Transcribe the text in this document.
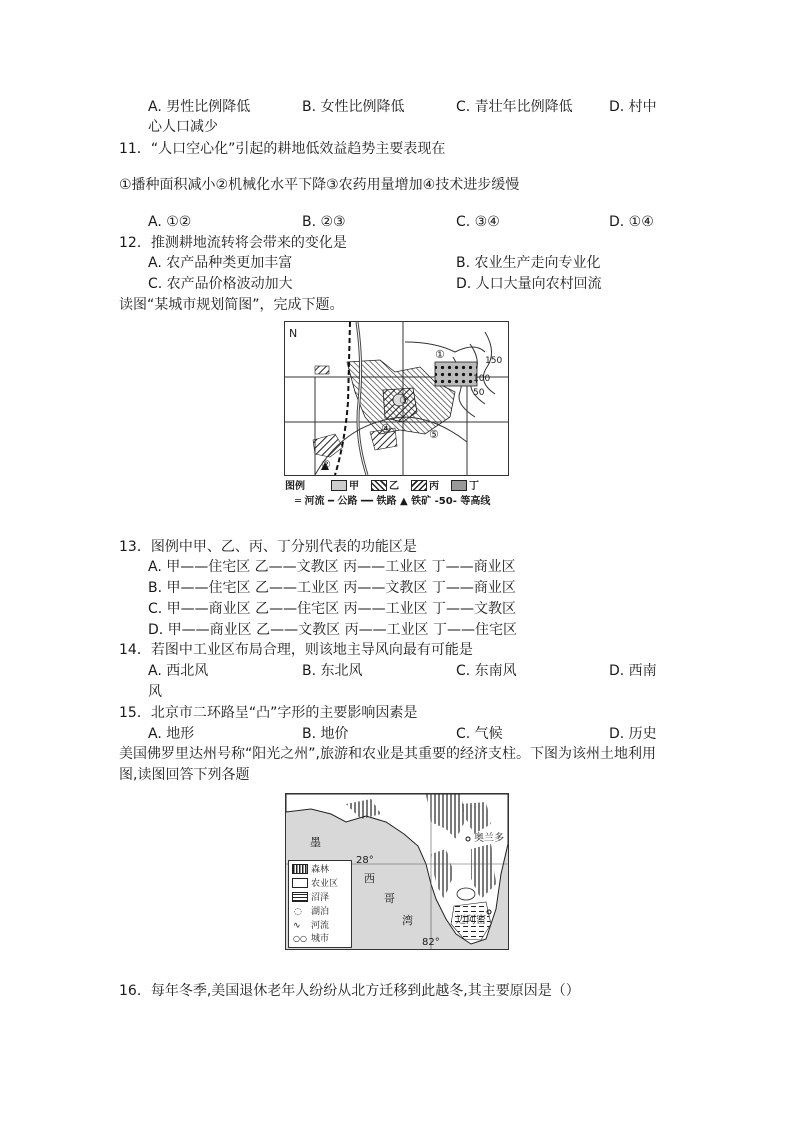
A. 男性比例降低	B. 女性比例降低	C. 青壮年比例降低	D. 村中
心人口减少
11．“人口空心化”引起的耕地低效益趋势主要表现在
①播种面积减小②机械化水平下降③农药用量增加④技术进步缓慢
A. ①②	B. ②③	C. ③④	D. ①④
12．推测耕地流转将会带来的变化是
A. 农产品种类更加丰富	B. 农业生产走向专业化
C. 农产品价格波动加大	D. 人口大量向农村回流
读图“某城市规划简图”，完成下题。
N
①
②
③
④	⑤
150
100
50
图例	甲	乙	丙	丁
═ 河流 ━ 公路 ━━ 铁路 ▲ 铁矿 -50- 等高线
13．图例中甲、乙、丙、丁分别代表的功能区是
A. 甲——住宅区 乙——文教区 丙——工业区 丁——商业区
B. 甲——住宅区 乙——工业区 丙——文教区 丁——商业区
C. 甲——商业区 乙——住宅区 丙——工业区 丁——文教区
D. 甲——商业区 乙——文教区 丙——工业区 丁——住宅区
14．若图中工业区布局合理，则该地主导风向最有可能是
A. 西北风	B. 东北风	C. 东南风	D. 西南
风
15．北京市二环路呈“凸”字形的主要影响因素是
A. 地形	B. 地价	C. 气候	D. 历史
美国佛罗里达州号称“阳光之州”,旅游和农业是其重要的经济支柱。下图为该州土地利用
图,读图回答下列各题
墨
西
哥
湾
奥兰多
迈阿密
28°
82°
森林
农业区
沼泽
◌ 湖泊
∿ 河流
○○ 城市
16．每年冬季,美国退休老年人纷纷从北方迁移到此越冬,其主要原因是（）
